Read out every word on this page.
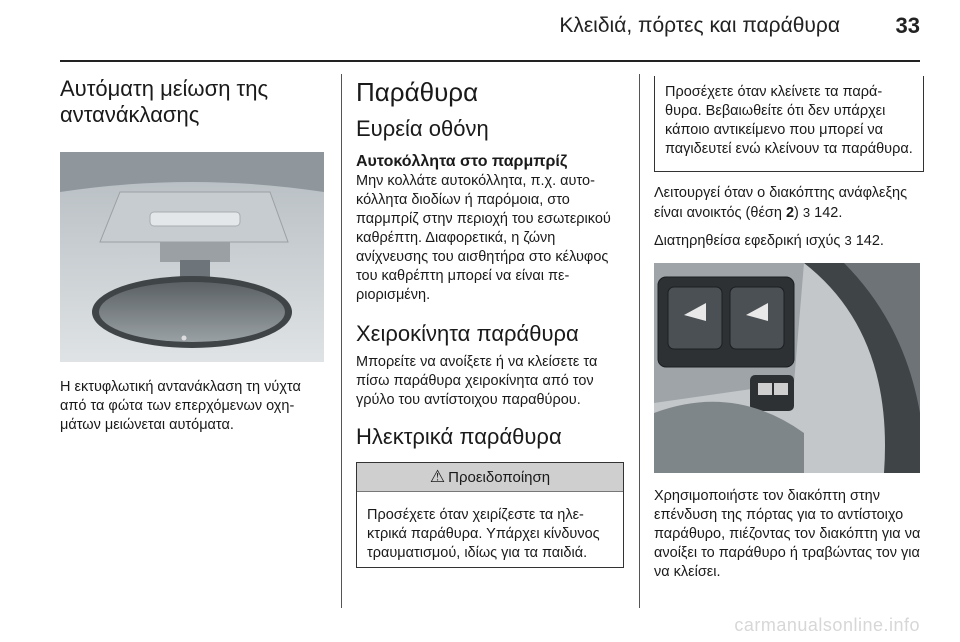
Κλειδιά, πόρτες και παράθυρα	33
Αυτόματη μείωση της αντανάκλασης

Η εκτυφλωτική αντανάκλαση τη νύχτα από τα φώτα των επερχόμενων οχημάτων μειώνεται αυτόματα.

Παράθυρα
Ευρεία οθόνη
Αυτοκόλλητα στο παρμπρίζ

Μην κολλάτε αυτοκόλλητα, π.χ. αυτοκόλλητα διοδίων ή παρόμοια, στο παρμπρίζ στην περιοχή του εσωτερικού καθρέπτη. Διαφορετικά, η ζώνη ανίχνευσης του αισθητήρα στο κέλυφος του καθρέπτη μπορεί να είναι περιορισμένη.

Χειροκίνητα παράθυρα

Μπορείτε να ανοίξετε ή να κλείσετε τα πίσω παράθυρα χειροκίνητα από τον γρύλο του αντίστοιχου παραθύρου.

Ηλεκτρικά παράθυρα
⚠ Προειδοποίηση

Προσέχετε όταν χειρίζεστε τα ηλεκτρικά παράθυρα. Υπάρχει κίνδυνος τραυματισμού, ιδίως για τα παιδιά.

Προσέχετε όταν κλείνετε τα παράθυρα. Βεβαιωθείτε ότι δεν υπάρχει κάποιο αντικείμενο που μπορεί να παγιδευτεί ενώ κλείνουν τα παράθυρα.

Λειτουργεί όταν ο διακόπτης ανάφλεξης είναι ανοικτός (θέση 2) 3 142.

Διατηρηθείσα εφεδρική ισχύς 3 142.

Χρησιμοποιήστε τον διακόπτη στην επένδυση της πόρτας για το αντίστοιχο παράθυρο, πιέζοντας τον διακόπτη για να ανοίξει το παράθυρο ή τραβώντας τον για να κλείσει.

carmanualsonline.info
